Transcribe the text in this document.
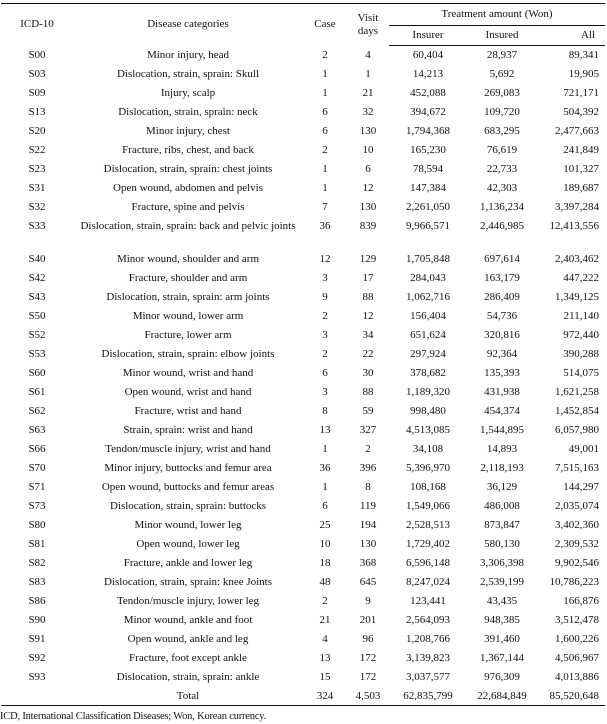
ICD-10	Disease categories	Case	Visit days	Treatment amount (Won)		
				Insurer	Insured	All
S00	Minor injury, head	2	4	60,404	28,937	89,341
S03	Dislocation, strain, sprain: Skull	1	1	14,213	5,692	19,905
S09	Injury, scalp	1	21	452,088	269,083	721,171
S13	Dislocation, strain, sprain: neck	6	32	394,672	109,720	504,392
S20	Minor injury, chest	6	130	1,794,368	683,295	2,477,663
S22	Fracture, ribs, chest, and back	2	10	165,230	76,619	241,849
S23	Dislocation, strain, sprain: chest joints	1	6	78,594	22,733	101,327
S31	Open wound, abdomen and pelvis	1	12	147,384	42,303	189,687
S32	Fracture, spine and pelvis	7	130	2,261,050	1,136,234	3,397,284
S33	Dislocation, strain, sprain: back and pelvic joints	36	839	9,966,571	2,446,985	12,413,556
S40	Minor wound, shoulder and arm	12	129	1,705,848	697,614	2,403,462
S42	Fracture, shoulder and arm	3	17	284,043	163,179	447,222
S43	Dislocation, strain, sprain: arm joints	9	88	1,062,716	286,409	1,349,125
S50	Minor wound, lower arm	2	12	156,404	54,736	211,140
S52	Fracture, lower arm	3	34	651,624	320,816	972,440
S53	Dislocation, strain, sprain: elbow joints	2	22	297,924	92,364	390,288
S60	Minor wound, wrist and hand	6	30	378,682	135,393	514,075
S61	Open wound, wrist and hand	3	88	1,189,320	431,938	1,621,258
S62	Fracture, wrist and hand	8	59	998,480	454,374	1,452,854
S63	Strain, sprain: wrist and hand	13	327	4,513,085	1,544,895	6,057,980
S66	Tendon/muscle injury, wrist and hand	1	2	34,108	14,893	49,001
S70	Minor injury, buttocks and femur area	36	396	5,396,970	2,118,193	7,515,163
S71	Open wound, buttocks and femur areas	1	8	108,168	36,129	144,297
S73	Dislocation, strain, sprain: buttocks	6	119	1,549,066	486,008	2,035,074
S80	Minor wound, lower leg	25	194	2,528,513	873,847	3,402,360
S81	Open wound, lower leg	10	130	1,729,402	580,130	2,309,532
S82	Fracture, ankle and lower leg	18	368	6,596,148	3,306,398	9,902,546
S83	Dislocation, strain, sprain: knee Joints	48	645	8,247,024	2,539,199	10,786,223
S86	Tendon/muscle injury, lower leg	2	9	123,441	43,435	166,876
S90	Minor wound, ankle and foot	21	201	2,564,093	948,385	3,512,478
S91	Open wound, ankle and leg	4	96	1,208,766	391,460	1,600,226
S92	Fracture, foot except ankle	13	172	3,139,823	1,367,144	4,506,967
S93	Dislocation, strain, sprain: ankle	15	172	3,037,577	976,309	4,013,886
	Total	324	4,503	62,835,799	22,684,849	85,520,648
ICD, International Classification Diseases; Won, Korean currency.
